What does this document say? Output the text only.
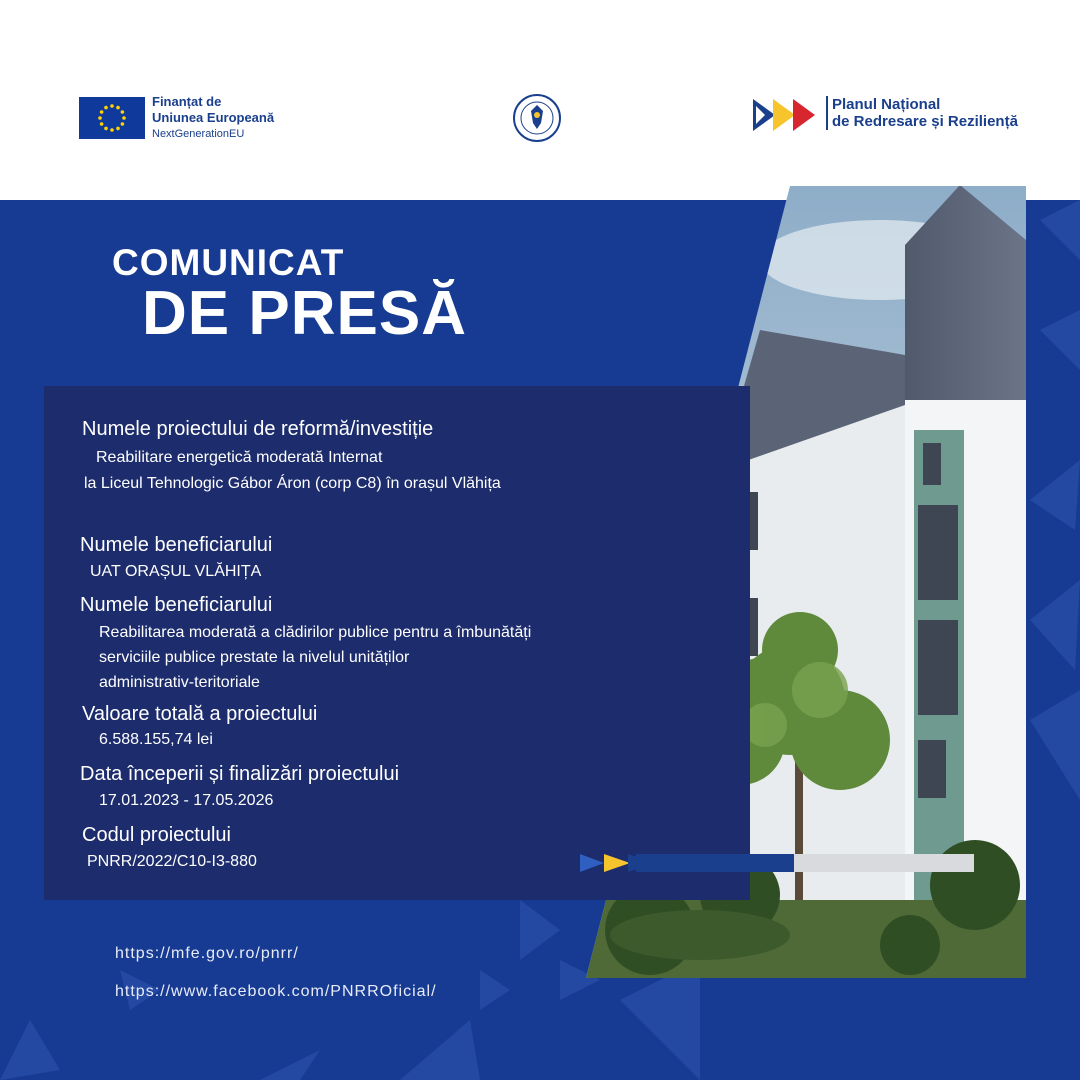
Finanțat de
Uniunea Europeană
NextGenerationEU
Planul Național
de Redresare și Reziliență
COMUNICAT
DE PRESĂ
Numele proiectului de reformă/investiție
Reabilitare energetică moderată Internat
la Liceul Tehnologic Gábor Áron (corp C8) în orașul Vlăhița
Numele beneficiarului
UAT ORAȘUL VLĂHIȚA
Numele beneficiarului
Reabilitarea moderată a clădirilor publice pentru a îmbunătăți
serviciile publice prestate la nivelul unităților
administrativ-teritoriale
Valoare totală a proiectului
6.588.155,74 lei
Data începerii și finalizări proiectului
17.01.2023 - 17.05.2026
Codul proiectului
PNRR/2022/C10-I3-880
https://mfe.gov.ro/pnrr/
https://www.facebook.com/PNRROficial/
